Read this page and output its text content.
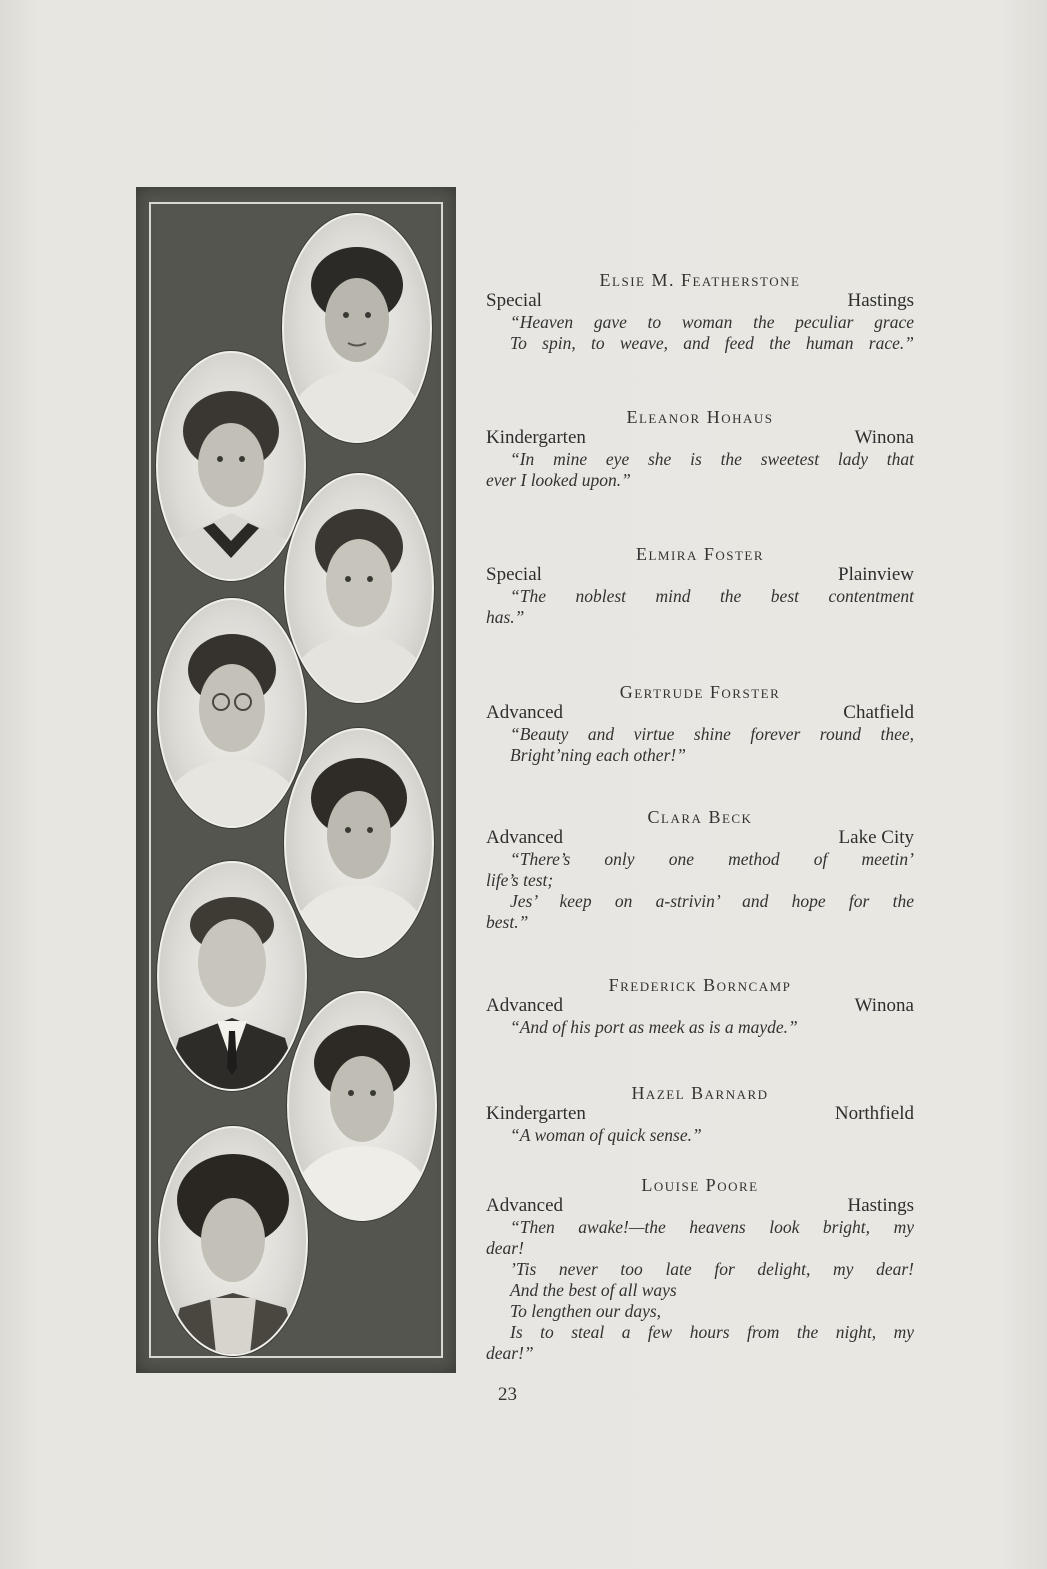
Elsie M. Featherstone
Special	Hastings
“Heaven gave to woman the peculiar grace
To spin, to weave, and feed the human race.”
Eleanor Hohaus
Kindergarten	Winona
“In mine eye she is the sweetest lady that
ever I looked upon.”
Elmira Foster
Special	Plainview
“The noblest mind the best contentment
has.”
Gertrude Forster
Advanced	Chatfield
“Beauty and virtue shine forever round thee,
Bright’ning each other!”
Clara Beck
Advanced	Lake City
“There’s only one method of meetin’
life’s test;
Jes’ keep on a-strivin’ and hope for the
best.”
Frederick Borncamp
Advanced	Winona
“And of his port as meek as is a mayde.”
Hazel Barnard
Kindergarten	Northfield
“A woman of quick sense.”
Louise Poore
Advanced	Hastings
“Then awake!—the heavens look bright, my
dear!
’Tis never too late for delight, my dear!
And the best of all ways
To lengthen our days,
Is to steal a few hours from the night, my
dear!”
23
